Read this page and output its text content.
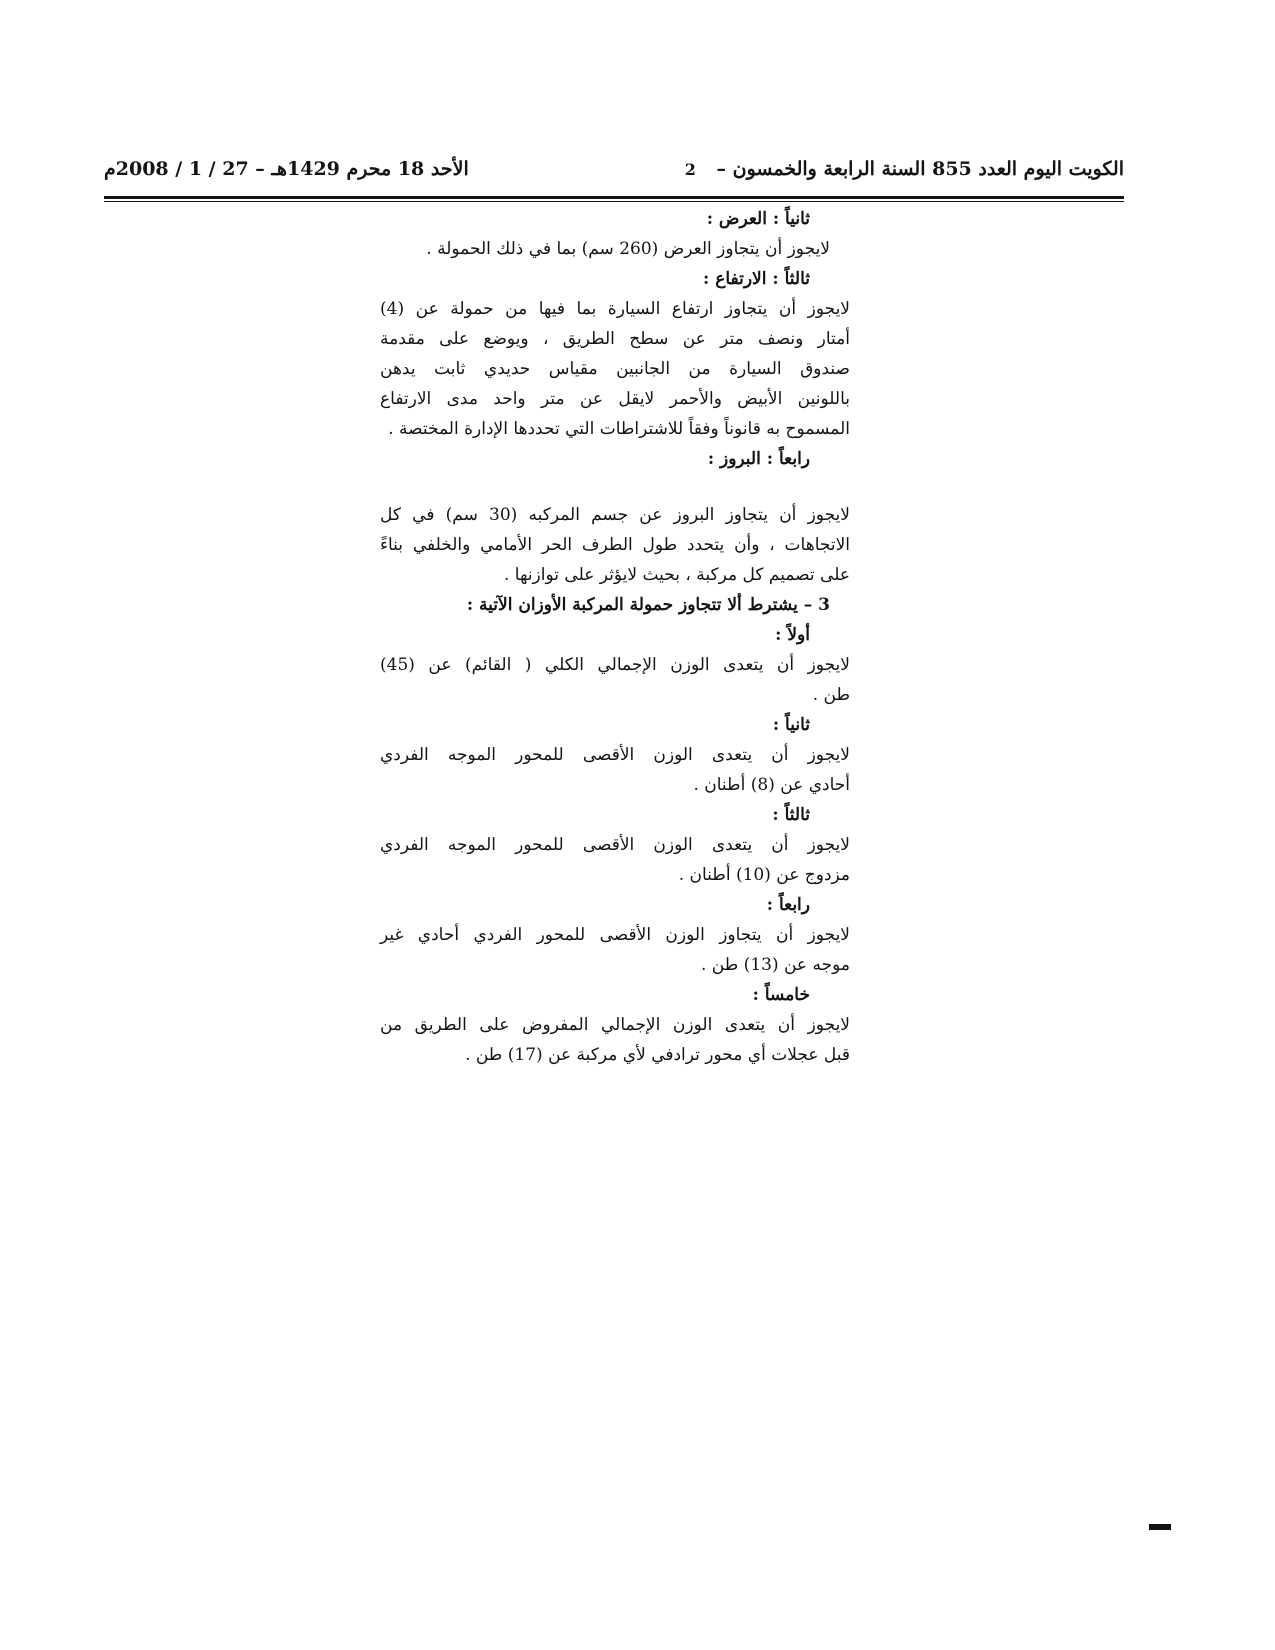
الكويت اليوم العدد 855 السنة الرابعة والخمسون – 2
الأحد 18 محرم 1429هـ – 27 / 1 / 2008م
ثانياً : العرض :
لايجوز أن يتجاوز العرض (260 سم) بما في ذلك الحمولة .
ثالثاً : الارتفاع :
لايجوز أن يتجاوز ارتفاع السيارة بما فيها من حمولة عن (4)
أمتار ونصف متر عن سطح الطريق ، ويوضع على مقدمة
صندوق السيارة من الجانبين مقياس حديدي ثابت يدهن
باللونين الأبيض والأحمر لايقل عن متر واحد مدى الارتفاع
المسموح به قانوناً وفقاً للاشتراطات التي تحددها الإدارة المختصة .
رابعاً : البروز :
لايجوز أن يتجاوز البروز عن جسم المركبه (30 سم) في كل
الاتجاهات ، وأن يتحدد طول الطرف الحر الأمامي والخلفي بناءً
على تصميم كل مركبة ، بحيث لايؤثر على توازنها .
3 – يشترط ألا تتجاوز حمولة المركبة الأوزان الآتية :
أولاً :
لايجوز أن يتعدى الوزن الإجمالي الكلي ( القائم) عن (45)
طن .
ثانياً :
لايجوز أن يتعدى الوزن الأقصى للمحور الموجه الفردي
أحادي عن (8) أطنان .
ثالثاً :
لايجوز أن يتعدى الوزن الأقصى للمحور الموجه الفردي
مزدوج عن (10) أطنان .
رابعاً :
لايجوز أن يتجاوز الوزن الأقصى للمحور الفردي أحادي غير
موجه عن (13) طن .
خامساً :
لايجوز أن يتعدى الوزن الإجمالي المفروض على الطريق من
قبل عجلات أي محور ترادفي لأي مركبة عن (17) طن .
